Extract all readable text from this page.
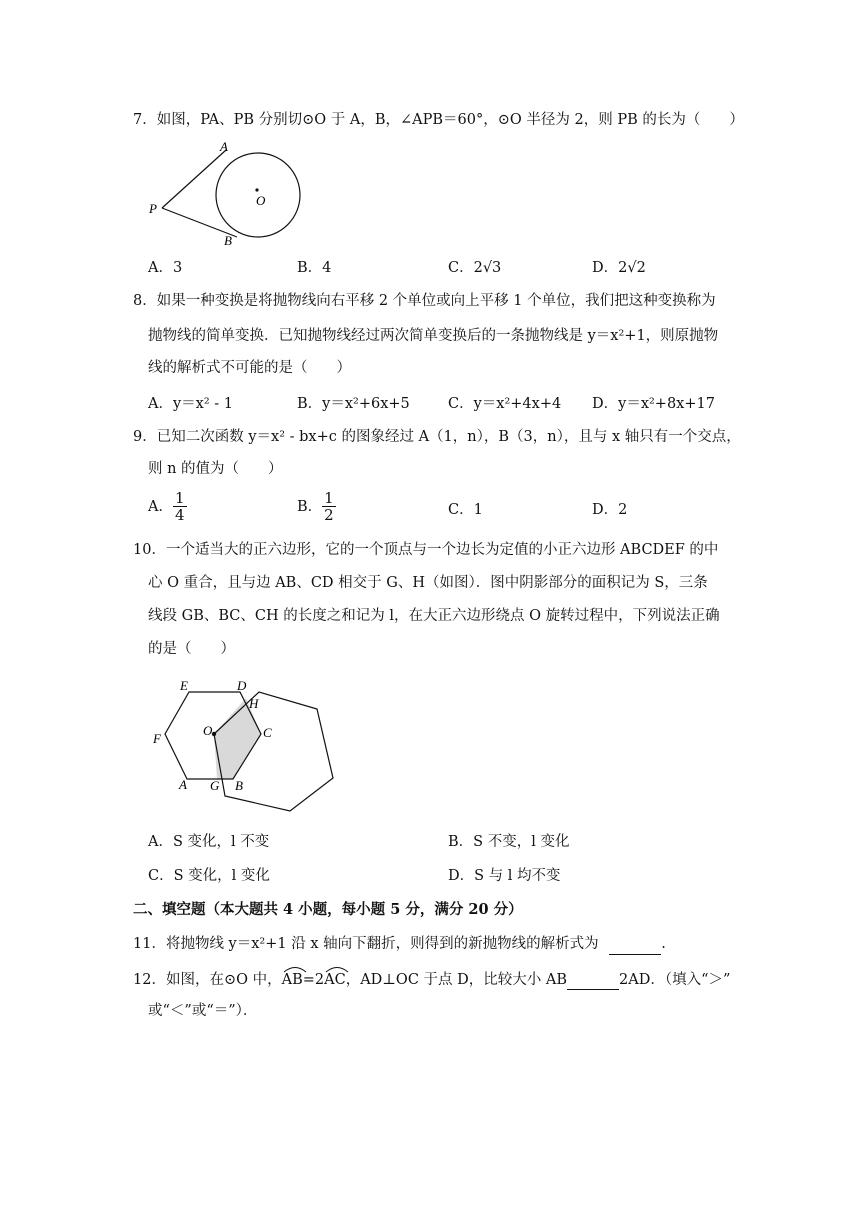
7．如图，PA、PB 分别切⊙O 于 A，B，∠APB＝60°，⊙O 半径为 2，则 PB 的长为（　　）
A
P
B
O
A．3	B．4	C．2√3	D．2√2
8．如果一种变换是将抛物线向右平移 2 个单位或向上平移 1 个单位，我们把这种变换称为
抛物线的简单变换．已知抛物线经过两次简单变换后的一条抛物线是 y＝x²+1，则原抛物
线的解析式不可能的是（　　）
A．y＝x² - 1	B．y＝x²+6x+5	C．y＝x²+4x+4 D．y＝x²+8x+17
9．已知二次函数 y＝x² - bx+c 的图象经过 A（1，n），B（3，n），且与 x 轴只有一个交点，
则 n 的值为（　　）
A． $\frac{1}{4}$	B． $\frac{1}{2}$	C．1	D．2
10．一个适当大的正六边形，它的一个顶点与一个边长为定值的小正六边形 ABCDEF 的中
心 O 重合，且与边 AB、CD 相交于 G、H（如图）．图中阴影部分的面积记为 S，三条
线段 GB、BC、CH 的长度之和记为 l，在大正六边形绕点 O 旋转过程中，下列说法正确
的是（　　）
E	D
H
F
O	C
A G B
A．S 变化，l 不变	B．S 不变，l 变化
C．S 变化，l 变化	D．S 与 l 均不变
二、填空题（本大题共 4 小题，每小题 5 分，满分 20 分）
11．将抛物线 y＝x²+1 沿 x 轴向下翻折，则得到的新抛物线的解析式为	.
12．如图，在⊙O 中， AB =2 AC ，AD⊥OC 于点 D，比较大小 AB	2AD．（填入“＞”
或“＜”或“＝”）．
